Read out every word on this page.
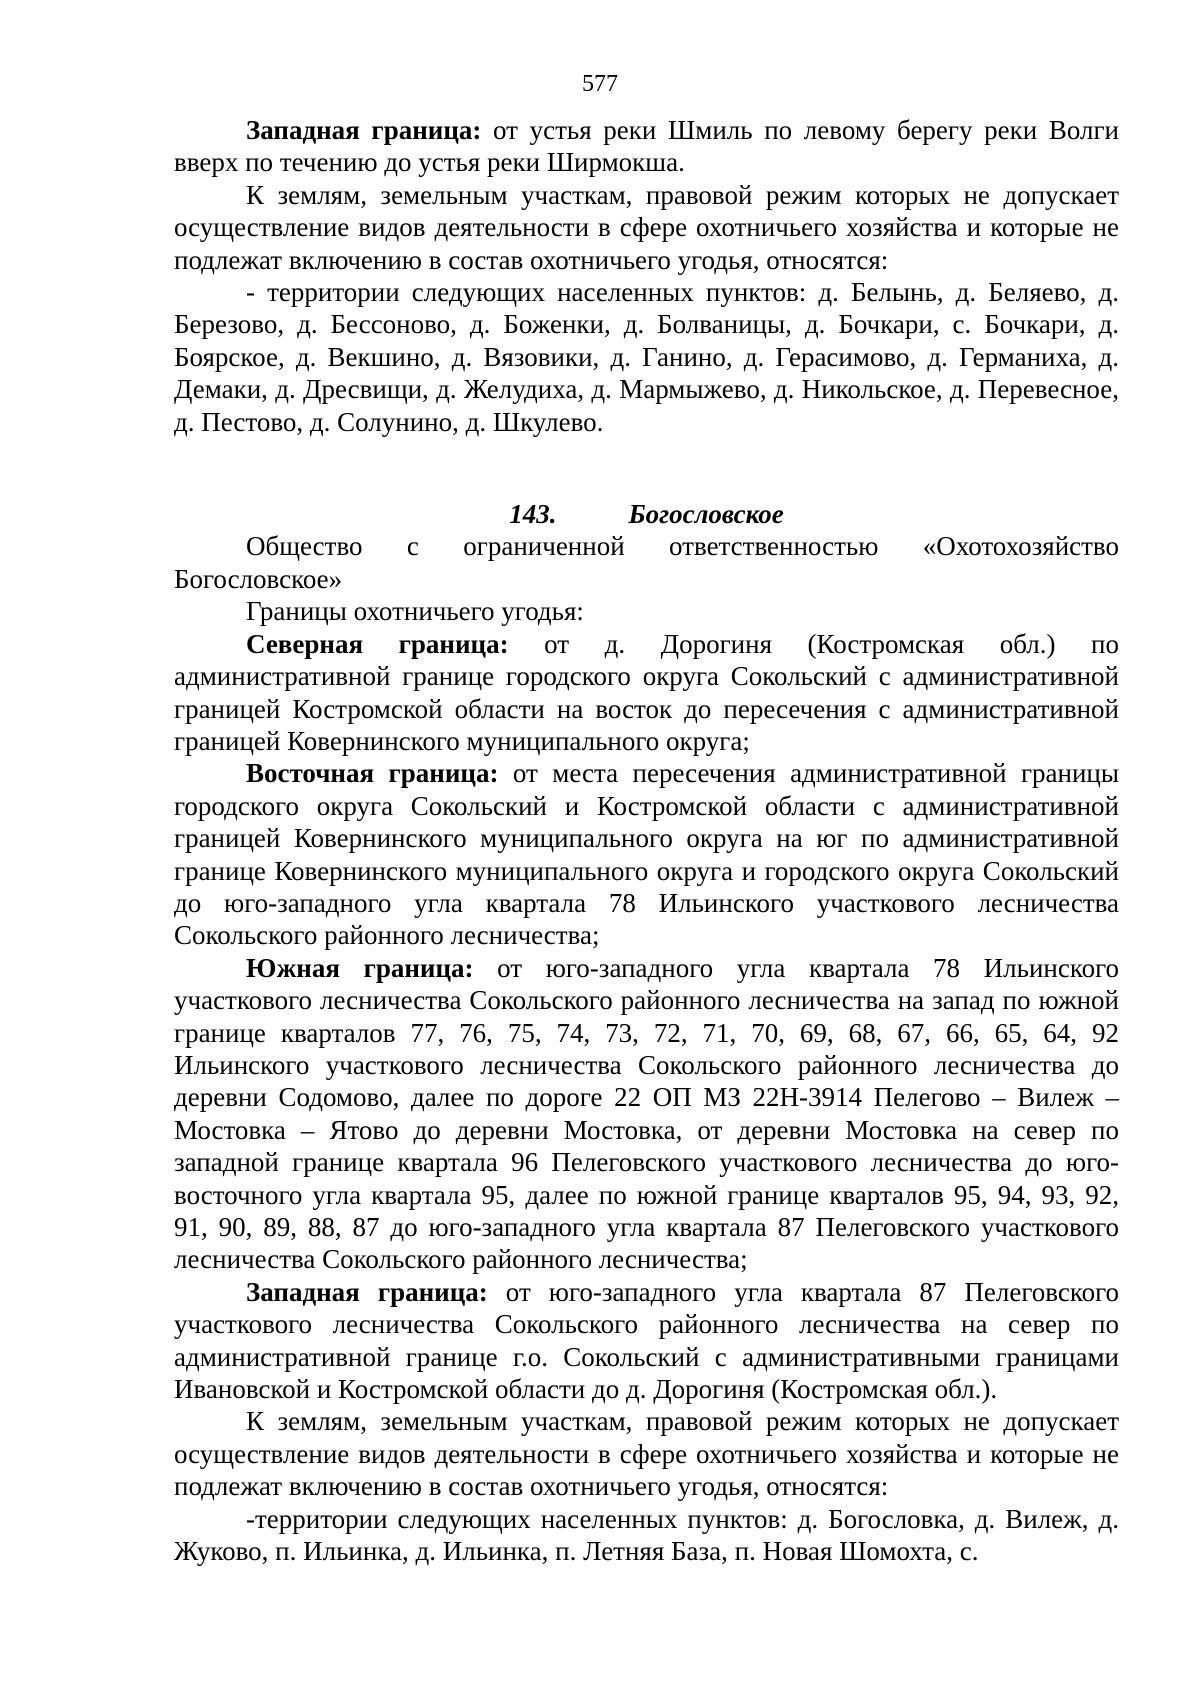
577

Западная граница: от устья реки Шмиль по левому берегу реки Волги вверх по течению до устья реки Ширмокша.

К землям, земельным участкам, правовой режим которых не допускает осуществление видов деятельности в сфере охотничьего хозяйства и которые не подлежат включению в состав охотничьего угодья, относятся:

- территории следующих населенных пунктов: д. Белынь, д. Беляево, д. Березово, д. Бессоново, д. Боженки, д. Болваницы, д. Бочкари, с. Бочкари, д. Боярское, д. Векшино, д. Вязовики, д. Ганино, д. Герасимово, д. Германиха, д. Демаки, д. Дресвищи, д. Желудиха, д. Мармыжево, д. Никольское, д. Перевесное, д. Пестово, д. Солунино, д. Шкулево.

143.	Богословское

Общество с ограниченной ответственностью «Охотохозяйство Богословское»

Границы охотничьего угодья:

Северная граница: от д. Дорогиня (Костромская обл.) по административной границе городского округа Сокольский с административной границей Костромской области на восток до пересечения с административной границей Ковернинского муниципального округа;

Восточная граница: от места пересечения административной границы городского округа Сокольский и Костромской области с административной границей Ковернинского муниципального округа на юг по административной границе Ковернинского муниципального округа и городского округа Сокольский до юго-западного угла квартала 78 Ильинского участкового лесничества Сокольского районного лесничества;

Южная граница: от юго-западного угла квартала 78 Ильинского участкового лесничества Сокольского районного лесничества на запад по южной границе кварталов 77, 76, 75, 74, 73, 72, 71, 70, 69, 68, 67, 66, 65, 64, 92 Ильинского участкового лесничества Сокольского районного лесничества до деревни Содомово, далее по дороге 22 ОП МЗ 22Н-3914 Пелегово – Вилеж – Мостовка – Ятово до деревни Мостовка, от деревни Мостовка на север по западной границе квартала 96 Пелеговского участкового лесничества до юго-восточного угла квартала 95, далее по южной границе кварталов 95, 94, 93, 92, 91, 90, 89, 88, 87 до юго-западного угла квартала 87 Пелеговского участкового лесничества Сокольского районного лесничества;

Западная граница: от юго-западного угла квартала 87 Пелеговского участкового лесничества Сокольского районного лесничества на север по административной границе г.о. Сокольский с административными границами Ивановской и Костромской области до д. Дорогиня (Костромская обл.).

К землям, земельным участкам, правовой режим которых не допускает осуществление видов деятельности в сфере охотничьего хозяйства и которые не подлежат включению в состав охотничьего угодья, относятся:

-территории следующих населенных пунктов: д. Богословка, д. Вилеж, д. Жуково, п. Ильинка, д. Ильинка, п. Летняя База, п. Новая Шомохта, с.
